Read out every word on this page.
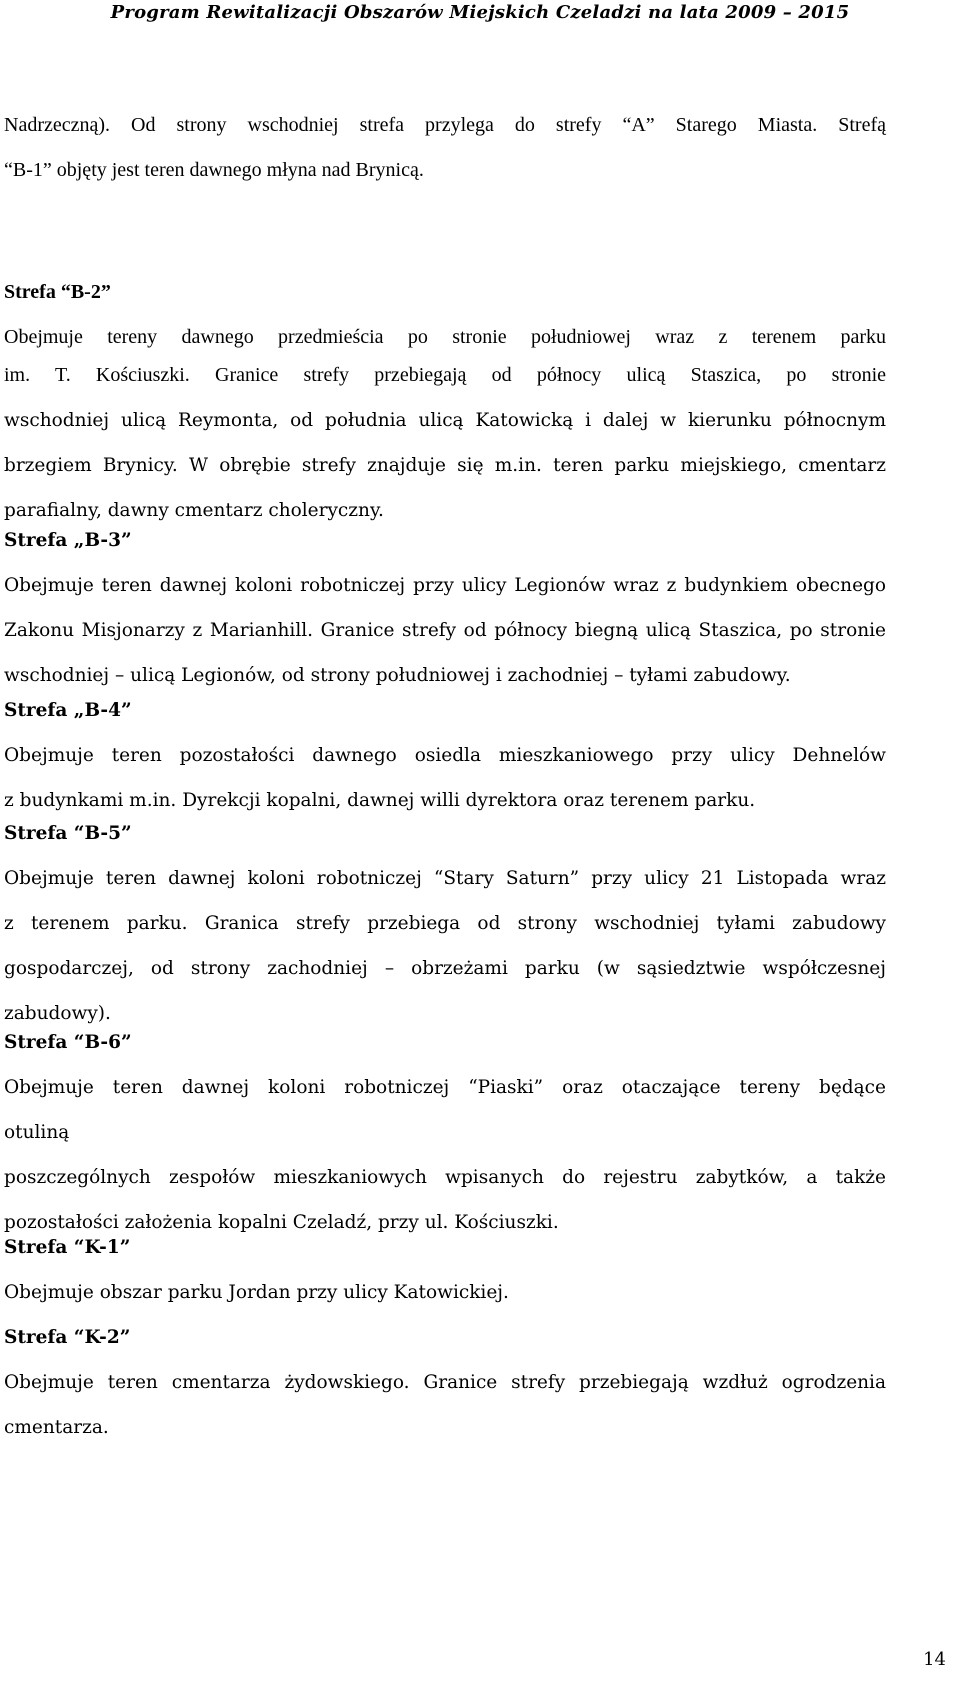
Program Rewitalizacji Obszarów Miejskich Czeladzi na lata 2009 – 2015
Nadrzeczną). Od strony wschodniej strefa przylega do strefy “A” Starego Miasta. Strefą
“B-1” objęty jest teren dawnego młyna nad Brynicą.
Strefa “B-2”
Obejmuje tereny dawnego przedmieścia po stronie południowej wraz z terenem parku
im. T. Kościuszki. Granice strefy przebiegają od północy ulicą Staszica, po stronie
wschodniej ulicą Reymonta, od południa ulicą Katowicką i dalej w kierunku północnym
brzegiem Brynicy. W obrębie strefy znajduje się m.in. teren parku miejskiego, cmentarz
parafialny, dawny cmentarz choleryczny.
Strefa „B-3”
Obejmuje teren dawnej koloni robotniczej przy ulicy Legionów wraz z budynkiem obecnego
Zakonu Misjonarzy z Marianhill. Granice strefy od północy biegną ulicą Staszica, po stronie
wschodniej – ulicą Legionów, od strony południowej i zachodniej – tyłami zabudowy.
Strefa „B-4”
Obejmuje teren pozostałości dawnego osiedla mieszkaniowego przy ulicy Dehnelów
z budynkami m.in. Dyrekcji kopalni, dawnej willi dyrektora oraz terenem parku.
Strefa “B-5”
Obejmuje teren dawnej koloni robotniczej “Stary Saturn” przy ulicy 21 Listopada wraz
z terenem parku. Granica strefy przebiega od strony wschodniej tyłami zabudowy
gospodarczej, od strony zachodniej – obrzeżami parku (w sąsiedztwie współczesnej
zabudowy).
Strefa “B-6”
Obejmuje teren dawnej koloni robotniczej “Piaski” oraz otaczające tereny będące
otuliną
poszczególnych zespołów mieszkaniowych wpisanych do rejestru zabytków, a także
pozostałości założenia kopalni Czeladź, przy ul. Kościuszki.
Strefa “K-1”
Obejmuje obszar parku Jordan przy ulicy Katowickiej.
Strefa “K-2”
Obejmuje teren cmentarza żydowskiego. Granice strefy przebiegają wzdłuż ogrodzenia
cmentarza.
14
